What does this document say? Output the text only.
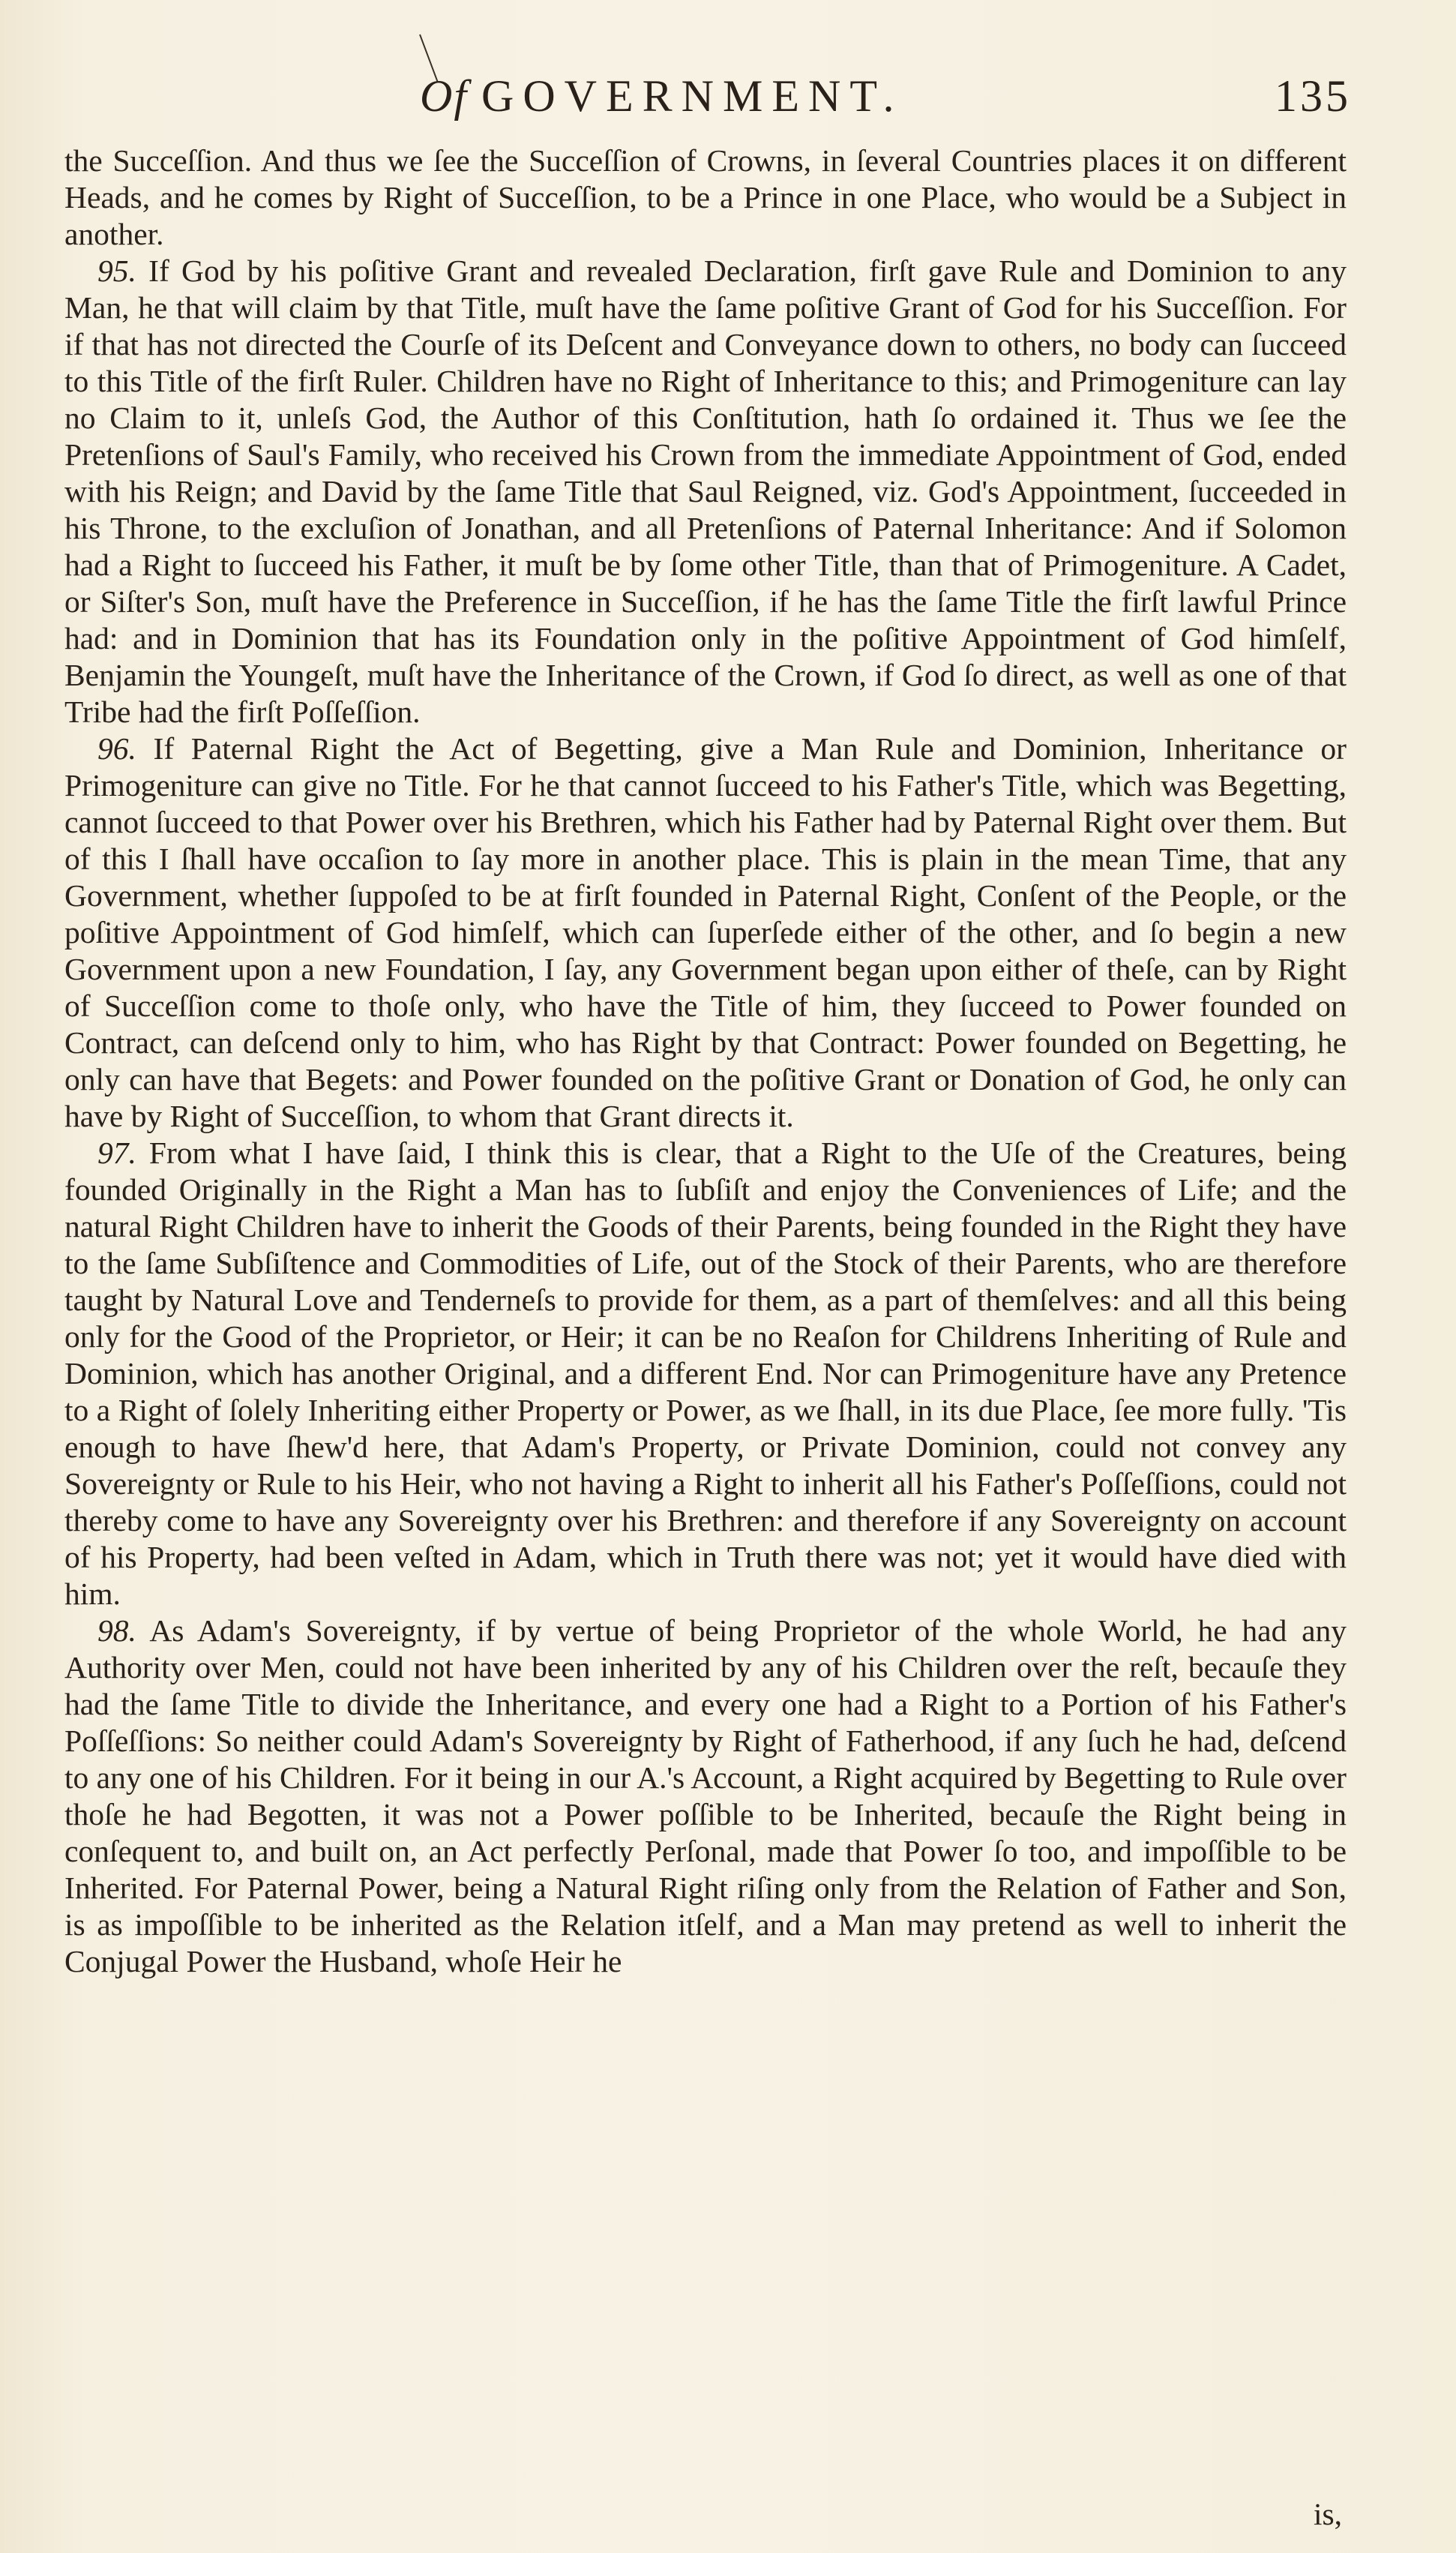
Of GOVERNMENT.	135

the Succeſſion. And thus we ſee the Succeſſion of Crowns, in ſeveral Countries places it on different Heads, and he comes by Right of Succeſſion, to be a Prince in one Place, who would be a Subject in another.

95. If God by his poſitive Grant and revealed Declaration, firſt gave Rule and Dominion to any Man, he that will claim by that Title, muſt have the ſame poſitive Grant of God for his Succeſſion. For if that has not directed the Courſe of its Deſcent and Conveyance down to others, no body can ſucceed to this Title of the firſt Ruler. Children have no Right of Inheritance to this; and Primogeniture can lay no Claim to it, unleſs God, the Author of this Conſtitution, hath ſo ordained it. Thus we ſee the Pretenſions of Saul's Family, who received his Crown from the immediate Appointment of God, ended with his Reign; and David by the ſame Title that Saul Reigned, viz. God's Appointment, ſucceeded in his Throne, to the excluſion of Jonathan, and all Pretenſions of Paternal Inheritance: And if Solomon had a Right to ſucceed his Father, it muſt be by ſome other Title, than that of Primogeniture. A Cadet, or Siſter's Son, muſt have the Preference in Succeſſion, if he has the ſame Title the firſt lawful Prince had: and in Dominion that has its Foundation only in the poſitive Appointment of God himſelf, Benjamin the Youngeſt, muſt have the Inheritance of the Crown, if God ſo direct, as well as one of that Tribe had the firſt Poſſeſſion.

96. If Paternal Right the Act of Begetting, give a Man Rule and Dominion, Inheritance or Primogeniture can give no Title. For he that cannot ſucceed to his Father's Title, which was Begetting, cannot ſucceed to that Power over his Brethren, which his Father had by Paternal Right over them. But of this I ſhall have occaſion to ſay more in another place. This is plain in the mean Time, that any Government, whether ſuppoſed to be at firſt founded in Paternal Right, Conſent of the People, or the poſitive Appointment of God himſelf, which can ſuperſede either of the other, and ſo begin a new Government upon a new Foundation, I ſay, any Government began upon either of theſe, can by Right of Succeſſion come to thoſe only, who have the Title of him, they ſucceed to Power founded on Contract, can deſcend only to him, who has Right by that Contract: Power founded on Begetting, he only can have that Begets: and Power founded on the poſitive Grant or Donation of God, he only can have by Right of Succeſſion, to whom that Grant directs it.

97. From what I have ſaid, I think this is clear, that a Right to the Uſe of the Creatures, being founded Originally in the Right a Man has to ſubſiſt and enjoy the Conveniences of Life; and the natural Right Children have to inherit the Goods of their Parents, being founded in the Right they have to the ſame Subſiſtence and Commodities of Life, out of the Stock of their Parents, who are therefore taught by Natural Love and Tenderneſs to provide for them, as a part of themſelves: and all this being only for the Good of the Proprietor, or Heir; it can be no Reaſon for Childrens Inheriting of Rule and Dominion, which has another Original, and a different End. Nor can Primogeniture have any Pretence to a Right of ſolely Inheriting either Property or Power, as we ſhall, in its due Place, ſee more fully. 'Tis enough to have ſhew'd here, that Adam's Property, or Private Dominion, could not convey any Sovereignty or Rule to his Heir, who not having a Right to inherit all his Father's Poſſeſſions, could not thereby come to have any Sovereignty over his Brethren: and therefore if any Sovereignty on account of his Property, had been veſted in Adam, which in Truth there was not; yet it would have died with him.

98. As Adam's Sovereignty, if by vertue of being Proprietor of the whole World, he had any Authority over Men, could not have been inherited by any of his Children over the reſt, becauſe they had the ſame Title to divide the Inheritance, and every one had a Right to a Portion of his Father's Poſſeſſions: So neither could Adam's Sovereignty by Right of Fatherhood, if any ſuch he had, deſcend to any one of his Children. For it being in our A.'s Account, a Right acquired by Begetting to Rule over thoſe he had Begotten, it was not a Power poſſible to be Inherited, becauſe the Right being in conſequent to, and built on, an Act perfectly Perſonal, made that Power ſo too, and impoſſible to be Inherited. For Paternal Power, being a Natural Right riſing only from the Relation of Father and Son, is as impoſſible to be inherited as the Relation itſelf, and a Man may pretend as well to inherit the Conjugal Power the Husband, whoſe Heir he

is,
